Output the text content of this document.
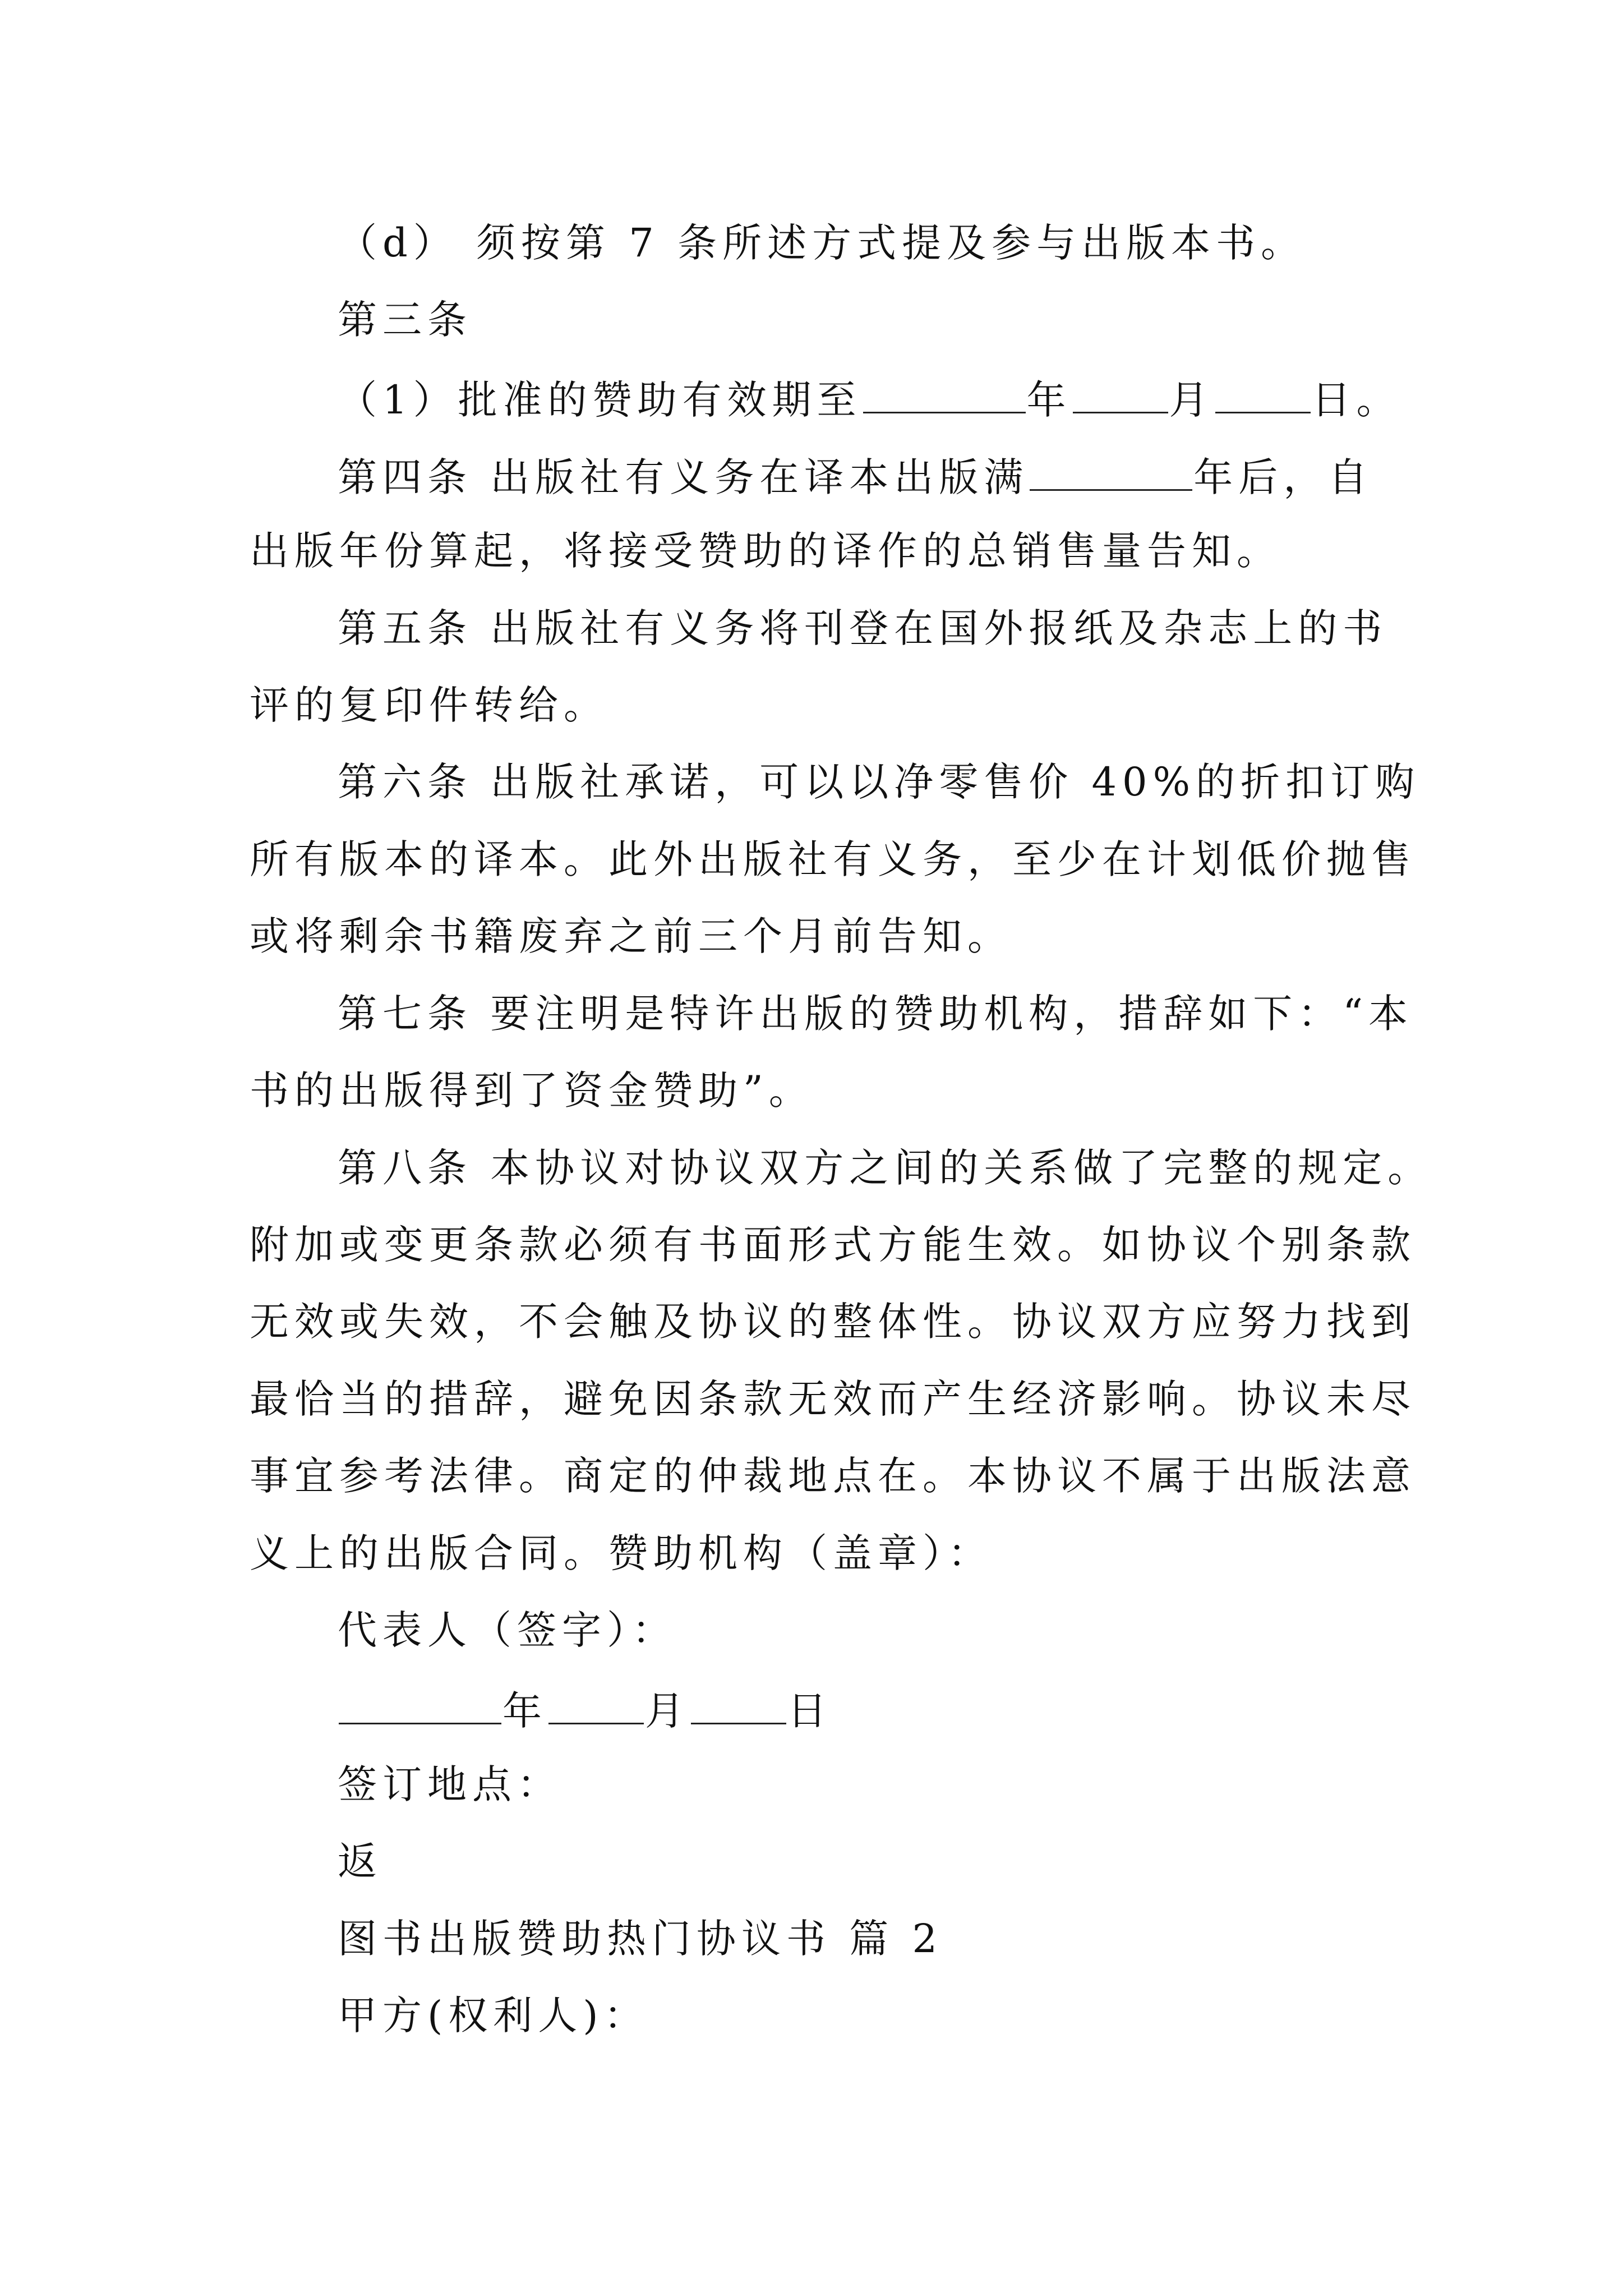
（d） 须按第 7 条所述方式提及参与出版本书。
第三条
（1）批准的赞助有效期至	年 月 日。
第四条 出版社有义务在译本出版满	年后，自
出版年份算起，将接受赞助的译作的总销售量告知。
第五条 出版社有义务将刊登在国外报纸及杂志上的书
评的复印件转给。
第六条 出版社承诺，可以以净零售价 40%的折扣订购
所有版本的译本。此外出版社有义务，至少在计划低价抛售
或将剩余书籍废弃之前三个月前告知。
第七条 要注明是特许出版的赞助机构，措辞如下：“本
书的出版得到了资金赞助”。
第八条 本协议对协议双方之间的关系做了完整的规定。
附加或变更条款必须有书面形式方能生效。如协议个别条款
无效或失效，不会触及协议的整体性。协议双方应努力找到
最恰当的措辞，避免因条款无效而产生经济影响。协议未尽
事宜参考法律。商定的仲裁地点在。本协议不属于出版法意
义上的出版合同。赞助机构（盖章）：
代表人（签字）：
年 月 日
签订地点：
返
图书出版赞助热门协议书 篇 2
甲方(权利人)：
